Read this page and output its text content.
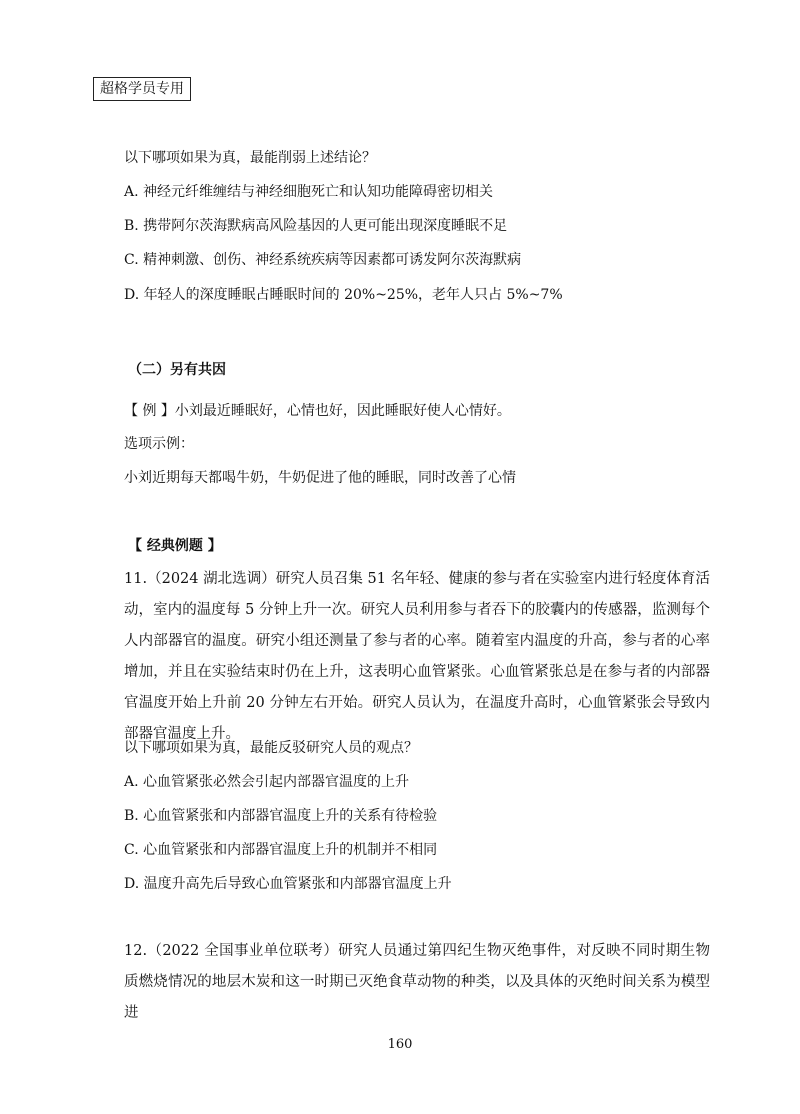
超格学员专用
以下哪项如果为真，最能削弱上述结论？
A. 神经元纤维缠结与神经细胞死亡和认知功能障碍密切相关
B. 携带阿尔茨海默病高风险基因的人更可能出现深度睡眠不足
C. 精神刺激、创伤、神经系统疾病等因素都可诱发阿尔茨海默病
D. 年轻人的深度睡眠占睡眠时间的 20%~25%，老年人只占 5%~7%
（二）另有共因
【 例 】小刘最近睡眠好，心情也好，因此睡眠好使人心情好。
选项示例：
小刘近期每天都喝牛奶，牛奶促进了他的睡眠，同时改善了心情
【 经典例题 】
11.（2024 湖北选调）研究人员召集 51 名年轻、健康的参与者在实验室内进行轻度体育活动，室内的温度每 5 分钟上升一次。研究人员利用参与者吞下的胶囊内的传感器，监测每个人内部器官的温度。研究小组还测量了参与者的心率。随着室内温度的升高，参与者的心率增加，并且在实验结束时仍在上升，这表明心血管紧张。心血管紧张总是在参与者的内部器官温度开始上升前 20 分钟左右开始。研究人员认为，在温度升高时，心血管紧张会导致内部器官温度上升。
以下哪项如果为真，最能反驳研究人员的观点？
A. 心血管紧张必然会引起内部器官温度的上升
B. 心血管紧张和内部器官温度上升的关系有待检验
C. 心血管紧张和内部器官温度上升的机制并不相同
D. 温度升高先后导致心血管紧张和内部器官温度上升
12.（2022 全国事业单位联考）研究人员通过第四纪生物灭绝事件，对反映不同时期生物质燃烧情况的地层木炭和这一时期已灭绝食草动物的种类，以及具体的灭绝时间关系为模型进
160
